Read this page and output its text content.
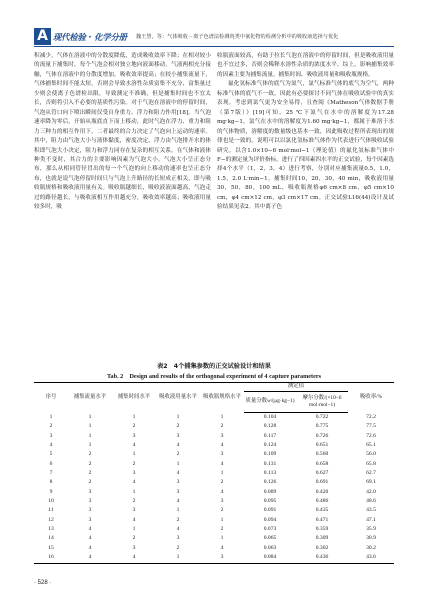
A 现代检验 · 化学分册 魏王慧，等：气体吸收－离子色谱法检测肉类中氰化物的检测分析中的吸收液选择与优化

积减少，气体在溶液中的分散度降低，造成吸收效率下降；在相对较小的流量下捕集时，每个气泡会相对独立地向液面移动。气液两相充分接触，气体在溶液中的分散度增加，吸收效率提高；在较小捕集流量下，气体捕集时间不能太短，否则会导致水溶性杂质富集不充分，富集量过少则会使离子色谱检出限，导致测定不准确，但是捕集时间也不宜太长，否则将引入不必要的基质性污染。对于气泡在溶液中的停留时间，气泡从管口向下喷出瞬间仅受自身重力、浮力和阻力作用[18]。当气泡速率降为零后，开始从瓶底直下而上移动，此时气泡在浮力、重力和阻力三种力的相互作用下，二者最终的合力决定了气泡向上运动的速率。其中，阻力由气泡大小与液体黏度，密度决定，浮力由气泡排开水的体积即气泡大小决定，阻力和浮力同存在复杂的相互关系。在气体和液体种类不变时，其合力的主要影响因素为气泡大小。气泡大小呈正态分布，那么从相同管径冒出的每一个气泡的向上移动的速率也呈正态分布，也就是说气泡停留时间只与气泡上升路径的长短成正相关，即与吸收瓶规格和吸收液用量有关。吸收瓶越细长，吸收液液面越高，气泡走过的路径越长，与吸收液相互作用越充分，吸收效率越高；吸收液用量较多时，吸

收瓶液面较高，有助于拉长气泡在溶液中的停留时间，但是吸收液用量也不宜过多，否则会稀释水溶性杂质的浓度水平，综上，影响捕集效率的因素主要为捕集流量、捕集时间、吸收液用量和吸收瓶规格。

氟化氢标准气体的底气为氮气，氯气标准气体的底气为空气，两种标准气体的底气不一致，因此有必要探讨不同气体在吸收试验中的真实表现。考虑到氯气更为安全易得，且查阅《Matheson气体数据手册（第7版）》[19]可知，25 ℃下氮气在水中的溶解度为17.28 mg·kg−1，氯气在水中的溶解度为1.60 mg·kg−1，都属于难溶于水的气体物质，溶解度的数量级也基本一致，因此吸收过程所表现出的规律也是一致的，说明可以以氯化氢标准气体作为代表进行气体吸收试验研究。以含1.0×10−6 mol·mol−1（理论值）的氟化氢标准气体中F−的测定量为评价指标，进行了四因素四水平的正交试验，每个因素选择4个水平（1，2，3，4）进行考察，分别对应捕集流量0.5，1.0，1.5，2.0 L·min−1，捕集时间10，20，30，40 min，吸收液用量30，50，80，100 mL，吸收瓶规格φ6 cm×8 cm，φ5 cm×10 cm，φ4 cm×12 cm，φ3 cm×17 cm。正交试验L16(44)设计及试验结果见表2。其中离子色

表2　4个捕集参数的正交试验设计和结果
Tab. 2　Design and results of the orthogonal experiment of 4 capture parameters
序号	捕集流量水平	捕集时间水平	吸收液用量水平	吸收瓶规格水平	测定值		吸收率/%
					质量分数w/(μg·kg−1)	摩尔分数/(×10−6 mol·mol−1)	
1	1	1	1	1	0.104	0.722	72.2
2	1	2	2	2	0.128	0.775	77.5
3	1	3	3	3	0.117	0.726	72.6
4	1	4	4	4	0.124	0.651	65.1
5	2	1	2	3	0.109	0.560	56.0
6	2	2	1	4	0.131	0.658	65.8
7	2	3	4	1	0.113	0.627	62.7
8	2	4	3	2	0.126	0.691	69.1
9	3	1	3	4	0.089	0.420	42.0
10	3	2	4	3	0.095	0.486	48.6
11	3	3	1	2	0.091	0.435	43.5
12	3	4	2	1	0.094	0.471	47.1
13	4	1	4	2	0.073	0.359	35.9
14	4	2	3	1	0.065	0.309	30.9
15	4	3	2	4	0.063	0.302	30.2
16	4	4	1	3	0.084	0.436	43.6
· 528 ·
